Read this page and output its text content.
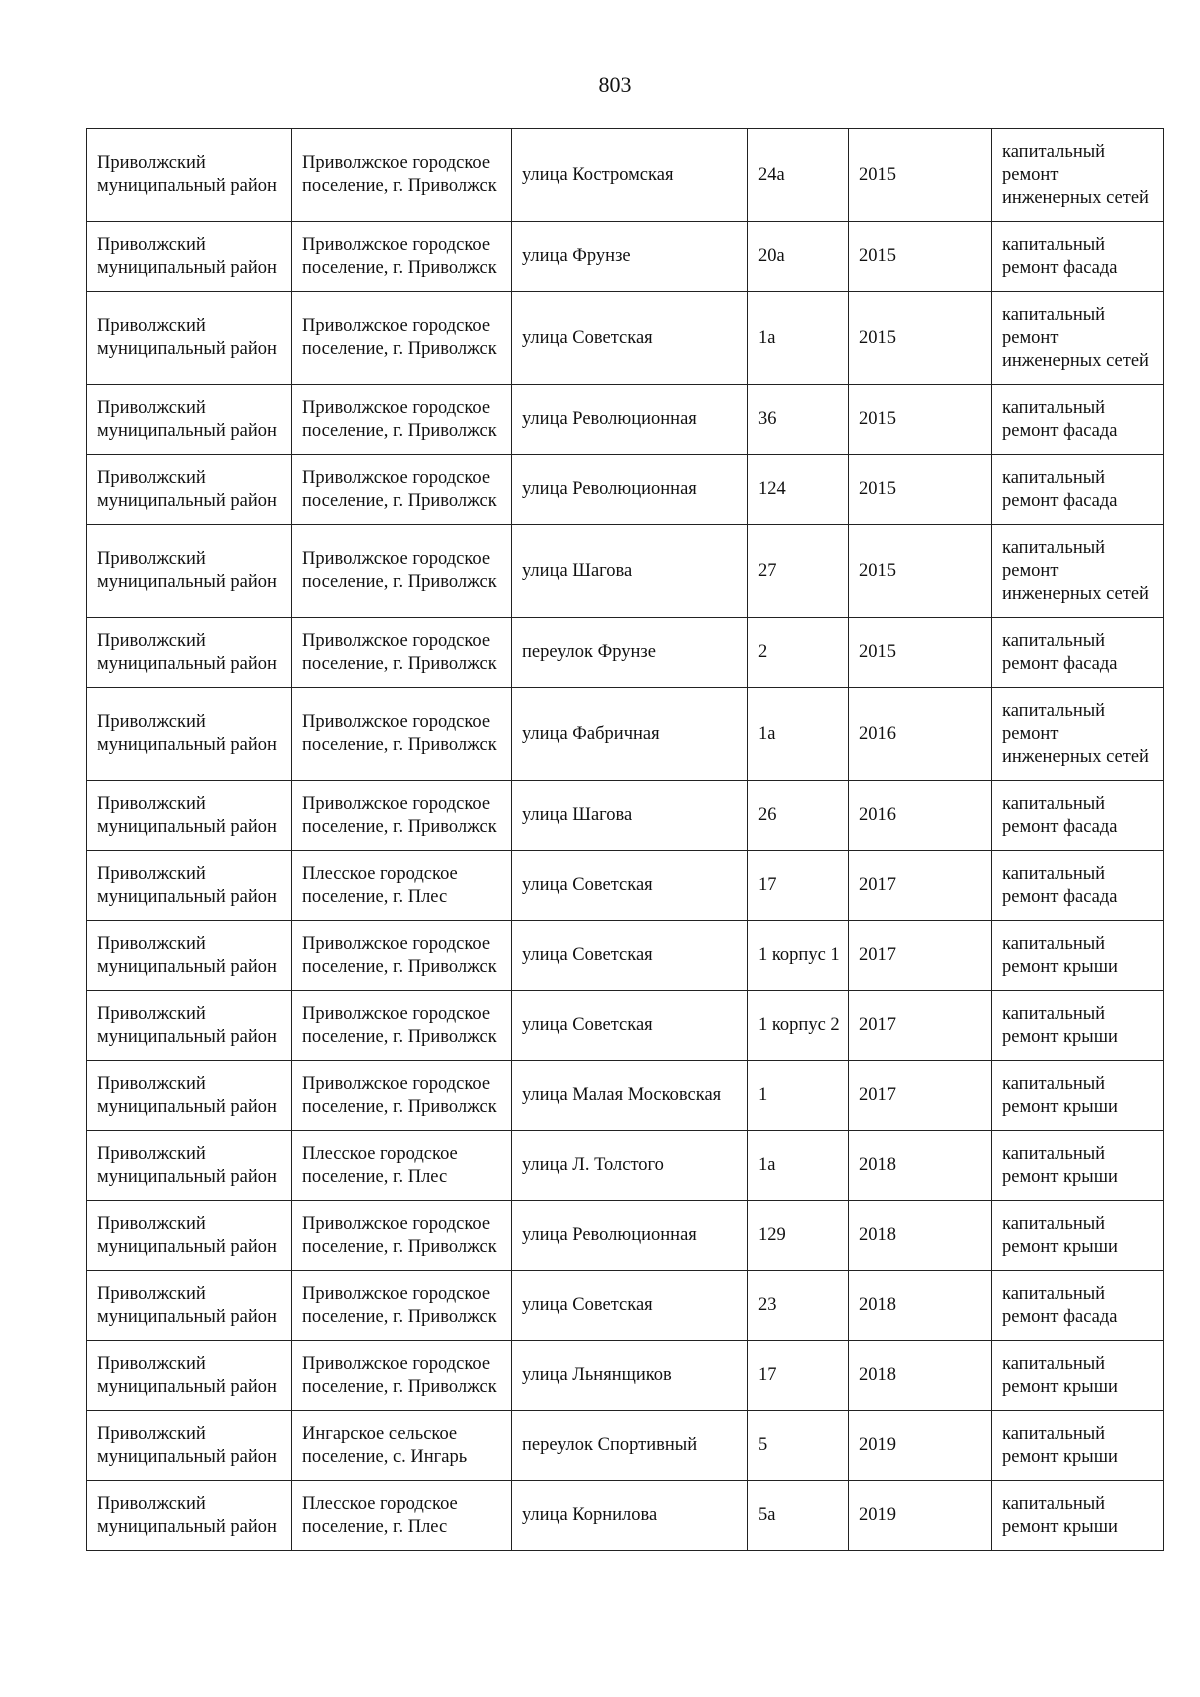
803
Приволжский муниципальный район	Приволжское городское поселение, г. Приволжск	улица Костромская	24а	2015	капитальный ремонт инженерных сетей
Приволжский муниципальный район	Приволжское городское поселение, г. Приволжск	улица Фрунзе	20а	2015	капитальный ремонт фасада
Приволжский муниципальный район	Приволжское городское поселение, г. Приволжск	улица Советская	1а	2015	капитальный ремонт инженерных сетей
Приволжский муниципальный район	Приволжское городское поселение, г. Приволжск	улица Революционная	36	2015	капитальный ремонт фасада
Приволжский муниципальный район	Приволжское городское поселение, г. Приволжск	улица Революционная	124	2015	капитальный ремонт фасада
Приволжский муниципальный район	Приволжское городское поселение, г. Приволжск	улица Шагова	27	2015	капитальный ремонт инженерных сетей
Приволжский муниципальный район	Приволжское городское поселение, г. Приволжск	переулок Фрунзе	2	2015	капитальный ремонт фасада
Приволжский муниципальный район	Приволжское городское поселение, г. Приволжск	улица Фабричная	1а	2016	капитальный ремонт инженерных сетей
Приволжский муниципальный район	Приволжское городское поселение, г. Приволжск	улица Шагова	26	2016	капитальный ремонт фасада
Приволжский муниципальный район	Плесское городское поселение, г. Плес	улица Советская	17	2017	капитальный ремонт фасада
Приволжский муниципальный район	Приволжское городское поселение, г. Приволжск	улица Советская	1 корпус 1	2017	капитальный ремонт крыши
Приволжский муниципальный район	Приволжское городское поселение, г. Приволжск	улица Советская	1 корпус 2	2017	капитальный ремонт крыши
Приволжский муниципальный район	Приволжское городское поселение, г. Приволжск	улица Малая Московская	1	2017	капитальный ремонт крыши
Приволжский муниципальный район	Плесское городское поселение, г. Плес	улица Л. Толстого	1а	2018	капитальный ремонт крыши
Приволжский муниципальный район	Приволжское городское поселение, г. Приволжск	улица Революционная	129	2018	капитальный ремонт крыши
Приволжский муниципальный район	Приволжское городское поселение, г. Приволжск	улица Советская	23	2018	капитальный ремонт фасада
Приволжский муниципальный район	Приволжское городское поселение, г. Приволжск	улица Льнянщиков	17	2018	капитальный ремонт крыши
Приволжский муниципальный район	Ингарское сельское поселение, с. Ингарь	переулок Спортивный	5	2019	капитальный ремонт крыши
Приволжский муниципальный район	Плесское городское поселение, г. Плес	улица Корнилова	5а	2019	капитальный ремонт крыши
